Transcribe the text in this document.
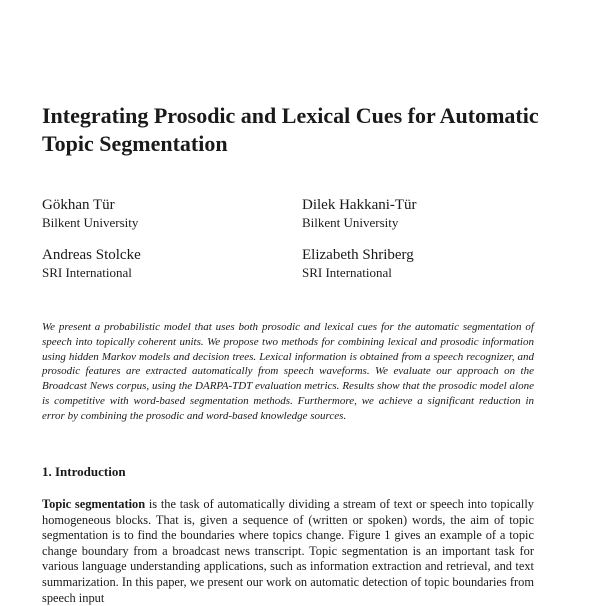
Integrating Prosodic and Lexical Cues for Automatic Topic Segmentation
Gökhan Tür
Bilkent University
Dilek Hakkani-Tür
Bilkent University
Andreas Stolcke
SRI International
Elizabeth Shriberg
SRI International

We present a probabilistic model that uses both prosodic and lexical cues for the automatic segmentation of speech into topically coherent units. We propose two methods for combining lexical and prosodic information using hidden Markov models and decision trees. Lexical information is obtained from a speech recognizer, and prosodic features are extracted automatically from speech waveforms. We evaluate our approach on the Broadcast News corpus, using the DARPA-TDT evaluation metrics. Results show that the prosodic model alone is competitive with word-based segmentation methods. Furthermore, we achieve a significant reduction in error by combining the prosodic and word-based knowledge sources.

1. Introduction

Topic segmentation is the task of automatically dividing a stream of text or speech into topically homogeneous blocks. That is, given a sequence of (written or spoken) words, the aim of topic segmentation is to find the boundaries where topics change. Figure 1 gives an example of a topic change boundary from a broadcast news transcript. Topic segmentation is an important task for various language understanding applications, such as information extraction and retrieval, and text summarization. In this paper, we present our work on automatic detection of topic boundaries from speech input
